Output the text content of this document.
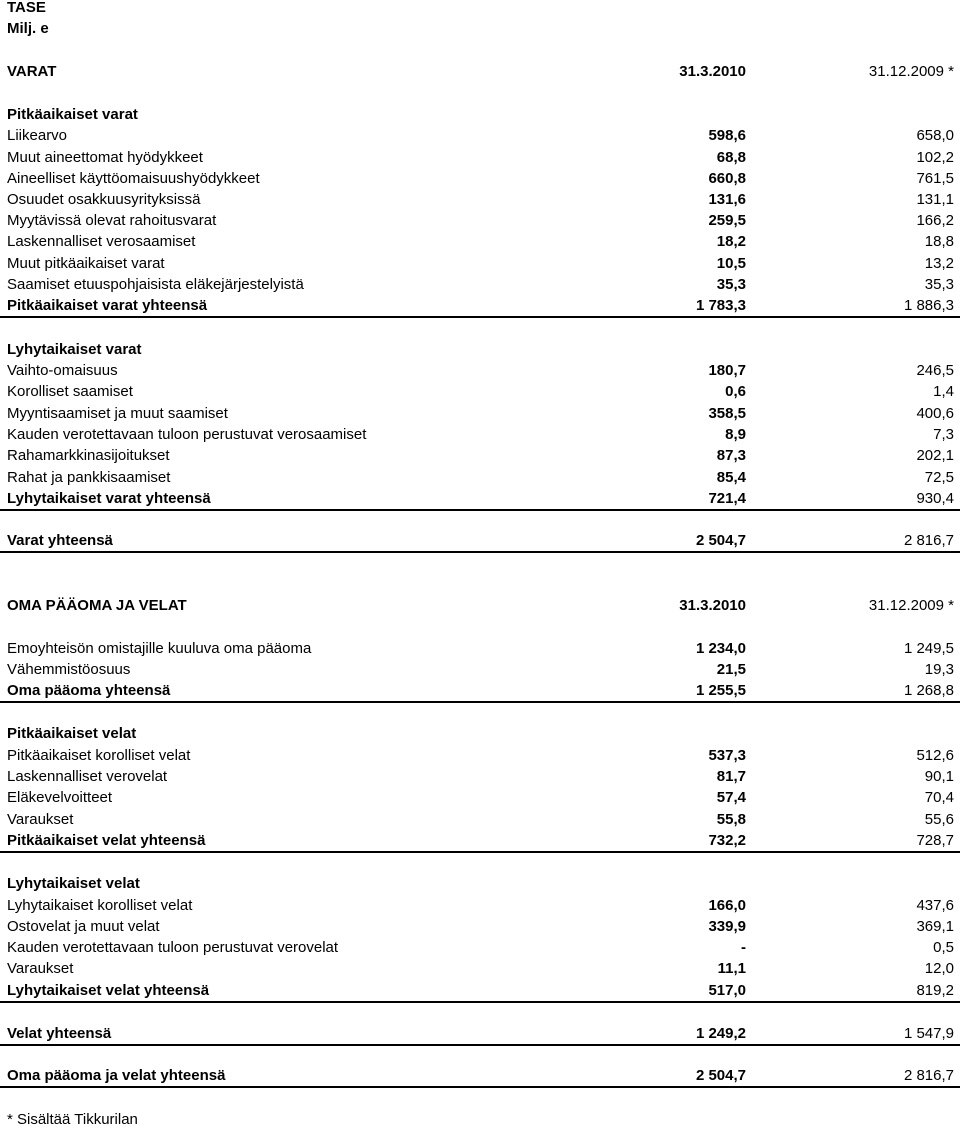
TASE
Milj. e
VARAT	31.3.2010	31.12.2009 *
Pitkäaikaiset varat
Liikearvo	598,6	658,0
Muut aineettomat hyödykkeet	68,8	102,2
Aineelliset käyttöomaisuushyödykkeet	660,8	761,5
Osuudet osakkuusyrityksissä	131,6	131,1
Myytävissä olevat rahoitusvarat	259,5	166,2
Laskennalliset verosaamiset	18,2	18,8
Muut pitkäaikaiset varat	10,5	13,2
Saamiset etuuspohjaisista eläkejärjestelyistä	35,3	35,3
Pitkäaikaiset varat yhteensä	1 783,3	1 886,3
Lyhytaikaiset varat
Vaihto-omaisuus	180,7	246,5
Korolliset saamiset	0,6	1,4
Myyntisaamiset ja muut saamiset	358,5	400,6
Kauden verotettavaan tuloon perustuvat verosaamiset	8,9	7,3
Rahamarkkinasijoitukset	87,3	202,1
Rahat ja pankkisaamiset	85,4	72,5
Lyhytaikaiset varat yhteensä	721,4	930,4
Varat yhteensä	2 504,7	2 816,7
OMA PÄÄOMA JA VELAT	31.3.2010	31.12.2009 *
Emoyhteisön omistajille kuuluva oma pääoma	1 234,0	1 249,5
Vähemmistöosuus	21,5	19,3
Oma pääoma yhteensä	1 255,5	1 268,8
Pitkäaikaiset velat
Pitkäaikaiset korolliset velat	537,3	512,6
Laskennalliset verovelat	81,7	90,1
Eläkevelvoitteet	57,4	70,4
Varaukset	55,8	55,6
Pitkäaikaiset velat yhteensä	732,2	728,7
Lyhytaikaiset velat
Lyhytaikaiset korolliset velat	166,0	437,6
Ostovelat ja muut velat	339,9	369,1
Kauden verotettavaan tuloon perustuvat verovelat	-	0,5
Varaukset	11,1	12,0
Lyhytaikaiset velat yhteensä	517,0	819,2
Velat yhteensä	1 249,2	1 547,9
Oma pääoma ja velat yhteensä	2 504,7	2 816,7
* Sisältää Tikkurilan
